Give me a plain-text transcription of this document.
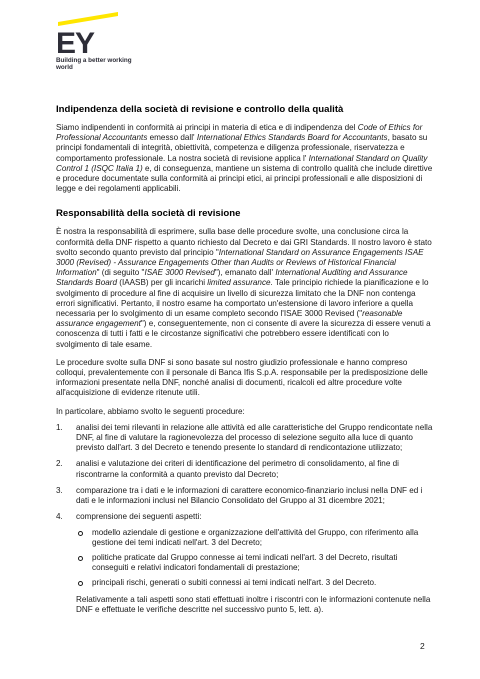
EY
Building a better working world
Indipendenza della società di revisione e controllo della qualità

Siamo indipendenti in conformità ai principi in materia di etica e di indipendenza del Code of Ethics for Professional Accountants emesso dall' International Ethics Standards Board for Accountants, basato su principi fondamentali di integrità, obiettività, competenza e diligenza professionale, riservatezza e comportamento professionale. La nostra società di revisione applica l' International Standard on Quality Control 1 (ISQC Italia 1) e, di conseguenza, mantiene un sistema di controllo qualità che include direttive e procedure documentate sulla conformità ai principi etici, ai principi professionali e alle disposizioni di legge e dei regolamenti applicabili.

Responsabilità della società di revisione

È nostra la responsabilità di esprimere, sulla base delle procedure svolte, una conclusione circa la conformità della DNF rispetto a quanto richiesto dal Decreto e dai GRI Standards. Il nostro lavoro è stato svolto secondo quanto previsto dal principio "International Standard on Assurance Engagements ISAE 3000 (Revised) - Assurance Engagements Other than Audits or Reviews of Historical Financial Information" (di seguito "ISAE 3000 Revised"), emanato dall' International Auditing and Assurance Standards Board (IAASB) per gli incarichi limited assurance. Tale principio richiede la pianificazione e lo svolgimento di procedure al fine di acquisire un livello di sicurezza limitato che la DNF non contenga errori significativi. Pertanto, il nostro esame ha comportato un'estensione di lavoro inferiore a quella necessaria per lo svolgimento di un esame completo secondo l'ISAE 3000 Revised ("reasonable assurance engagement") e, conseguentemente, non ci consente di avere la sicurezza di essere venuti a conoscenza di tutti i fatti e le circostanze significativi che potrebbero essere identificati con lo svolgimento di tale esame.

Le procedure svolte sulla DNF si sono basate sul nostro giudizio professionale e hanno compreso colloqui, prevalentemente con il personale di Banca Ifis S.p.A. responsabile per la predisposizione delle informazioni presentate nella DNF, nonché analisi di documenti, ricalcoli ed altre procedure volte all'acquisizione di evidenze ritenute utili.

In particolare, abbiamo svolto le seguenti procedure:

1. analisi dei temi rilevanti in relazione alle attività ed alle caratteristiche del Gruppo rendicontate nella DNF, al fine di valutare la ragionevolezza del processo di selezione seguito alla luce di quanto previsto dall'art. 3 del Decreto e tenendo presente lo standard di rendicontazione utilizzato;
2. analisi e valutazione dei criteri di identificazione del perimetro di consolidamento, al fine di riscontrarne la conformità a quanto previsto dal Decreto;
3. comparazione tra i dati e le informazioni di carattere economico-finanziario inclusi nella DNF ed i dati e le informazioni inclusi nel Bilancio Consolidato del Gruppo al 31 dicembre 2021;
4. comprensione dei seguenti aspetti:
modello aziendale di gestione e organizzazione dell'attività del Gruppo, con riferimento alla gestione dei temi indicati nell'art. 3 del Decreto;
politiche praticate dal Gruppo connesse ai temi indicati nell'art. 3 del Decreto, risultati conseguiti e relativi indicatori fondamentali di prestazione;
principali rischi, generati o subiti connessi ai temi indicati nell'art. 3 del Decreto.

Relativamente a tali aspetti sono stati effettuati inoltre i riscontri con le informazioni contenute nella DNF e effettuate le verifiche descritte nel successivo punto 5, lett. a).

2
